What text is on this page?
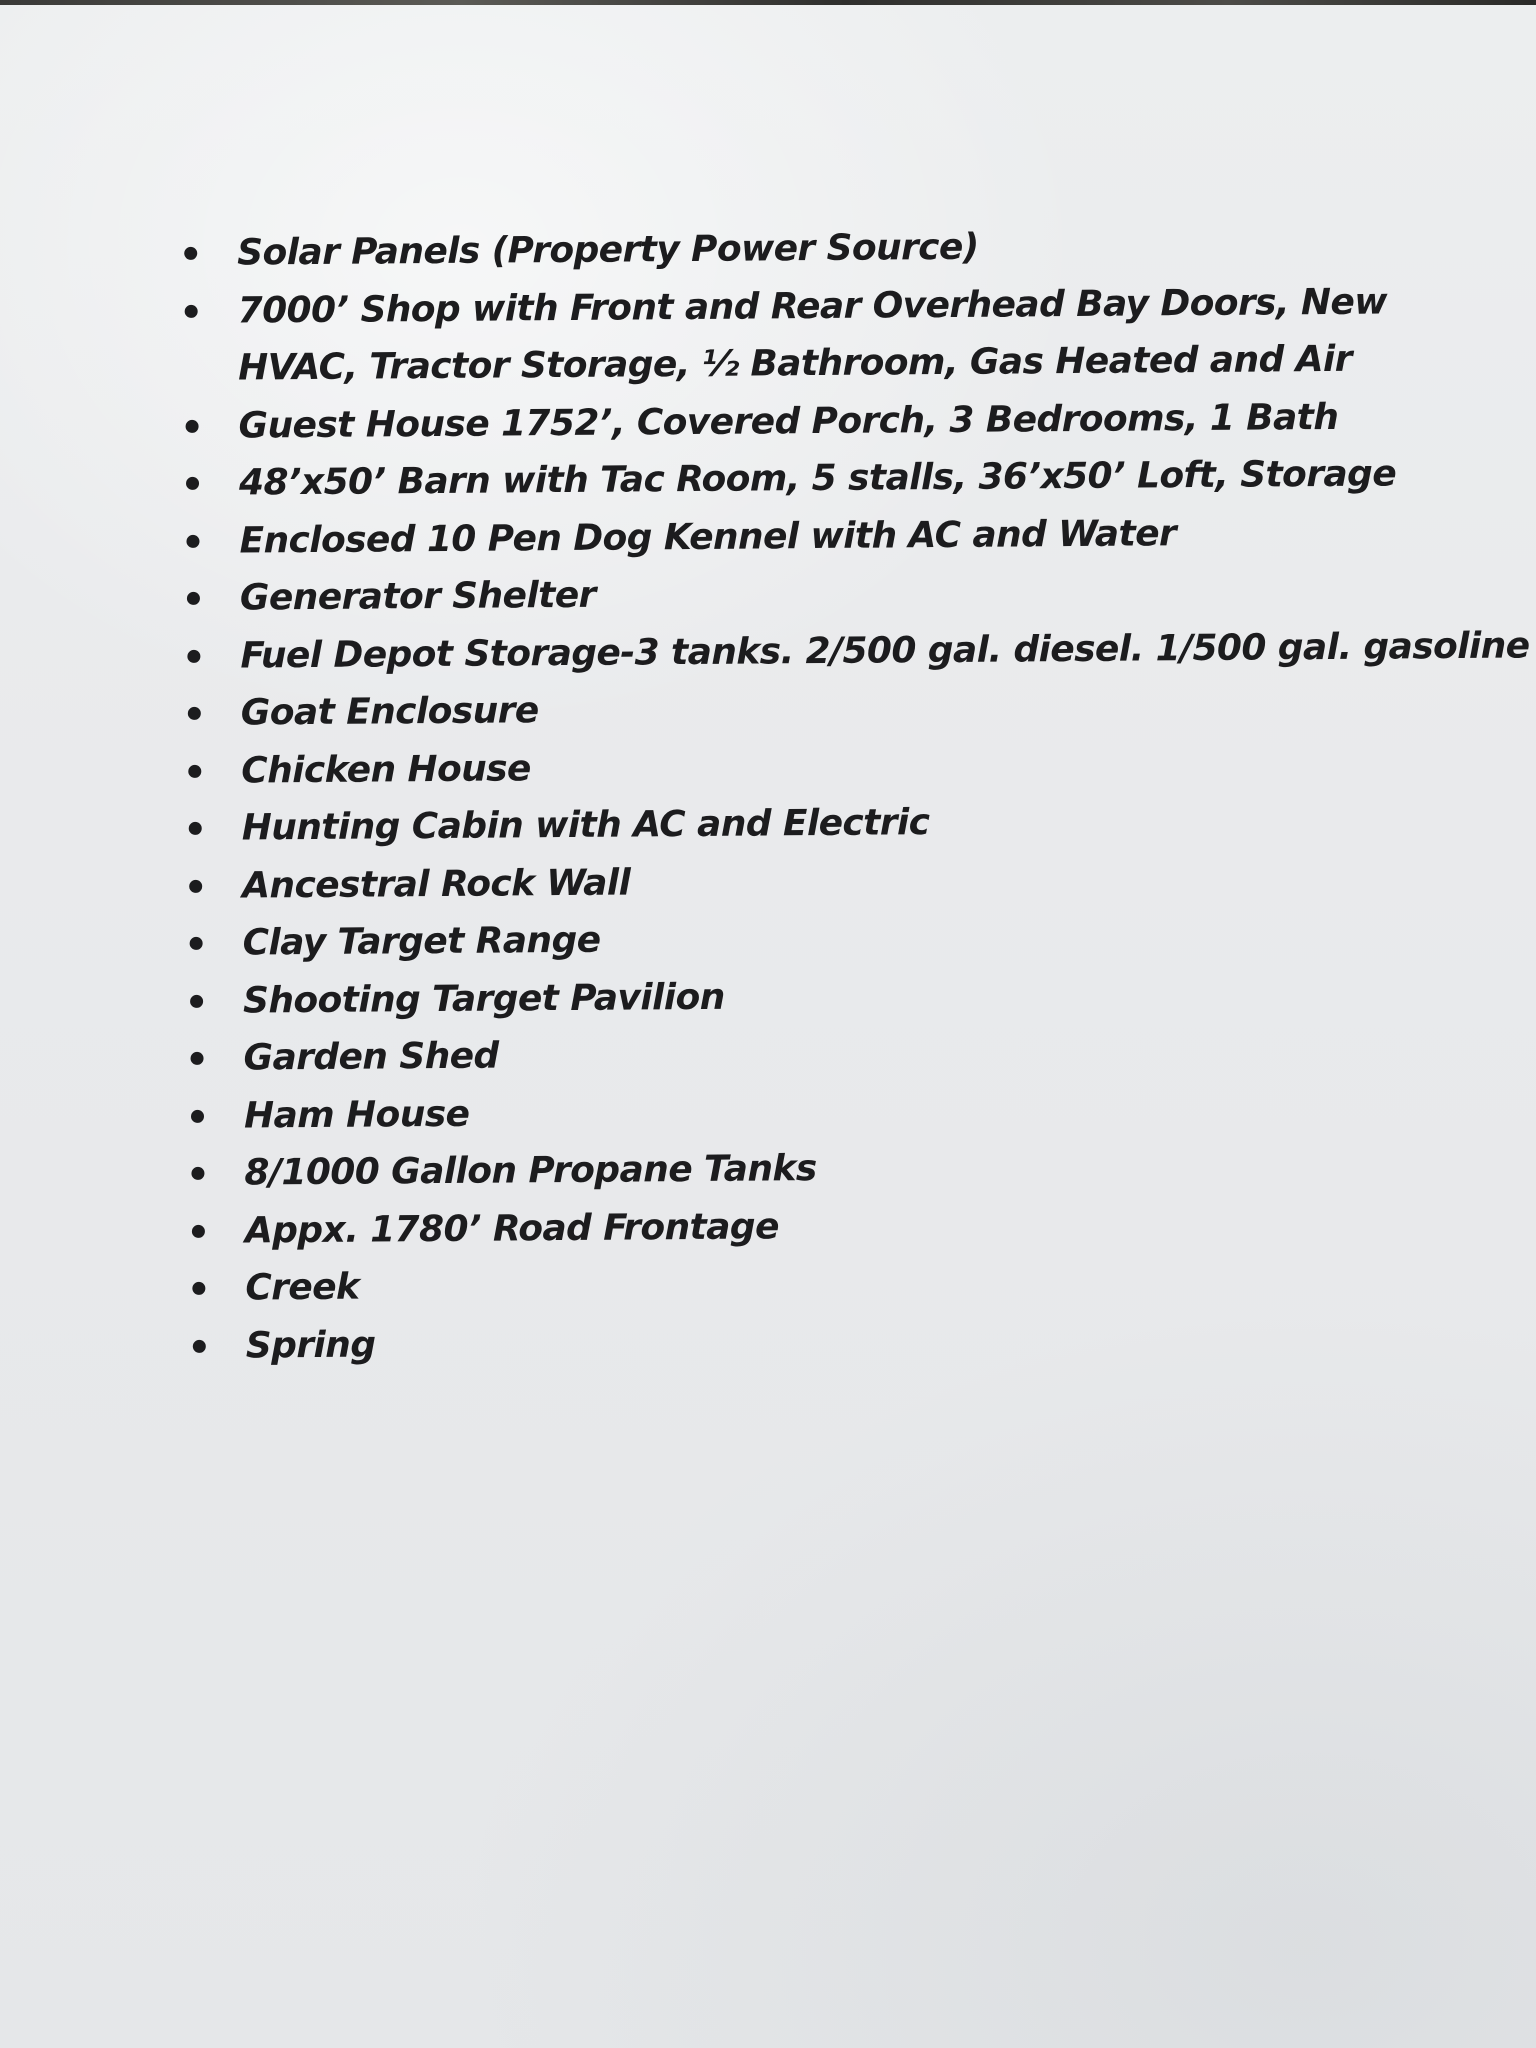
Solar Panels (Property Power Source)
7000’ Shop with Front and Rear Overhead Bay Doors, New HVAC, Tractor Storage, ½ Bathroom, Gas Heated and Air
Guest House 1752’, Covered Porch, 3 Bedrooms, 1 Bath
48’x50’ Barn with Tac Room, 5 stalls, 36’x50’ Loft, Storage
Enclosed 10 Pen Dog Kennel with AC and Water
Generator Shelter
Fuel Depot Storage-3 tanks. 2/500 gal. diesel. 1/500 gal. gasoline
Goat Enclosure
Chicken House
Hunting Cabin with AC and Electric
Ancestral Rock Wall
Clay Target Range
Shooting Target Pavilion
Garden Shed
Ham House
8/1000 Gallon Propane Tanks
Appx. 1780’ Road Frontage
Creek
Spring
